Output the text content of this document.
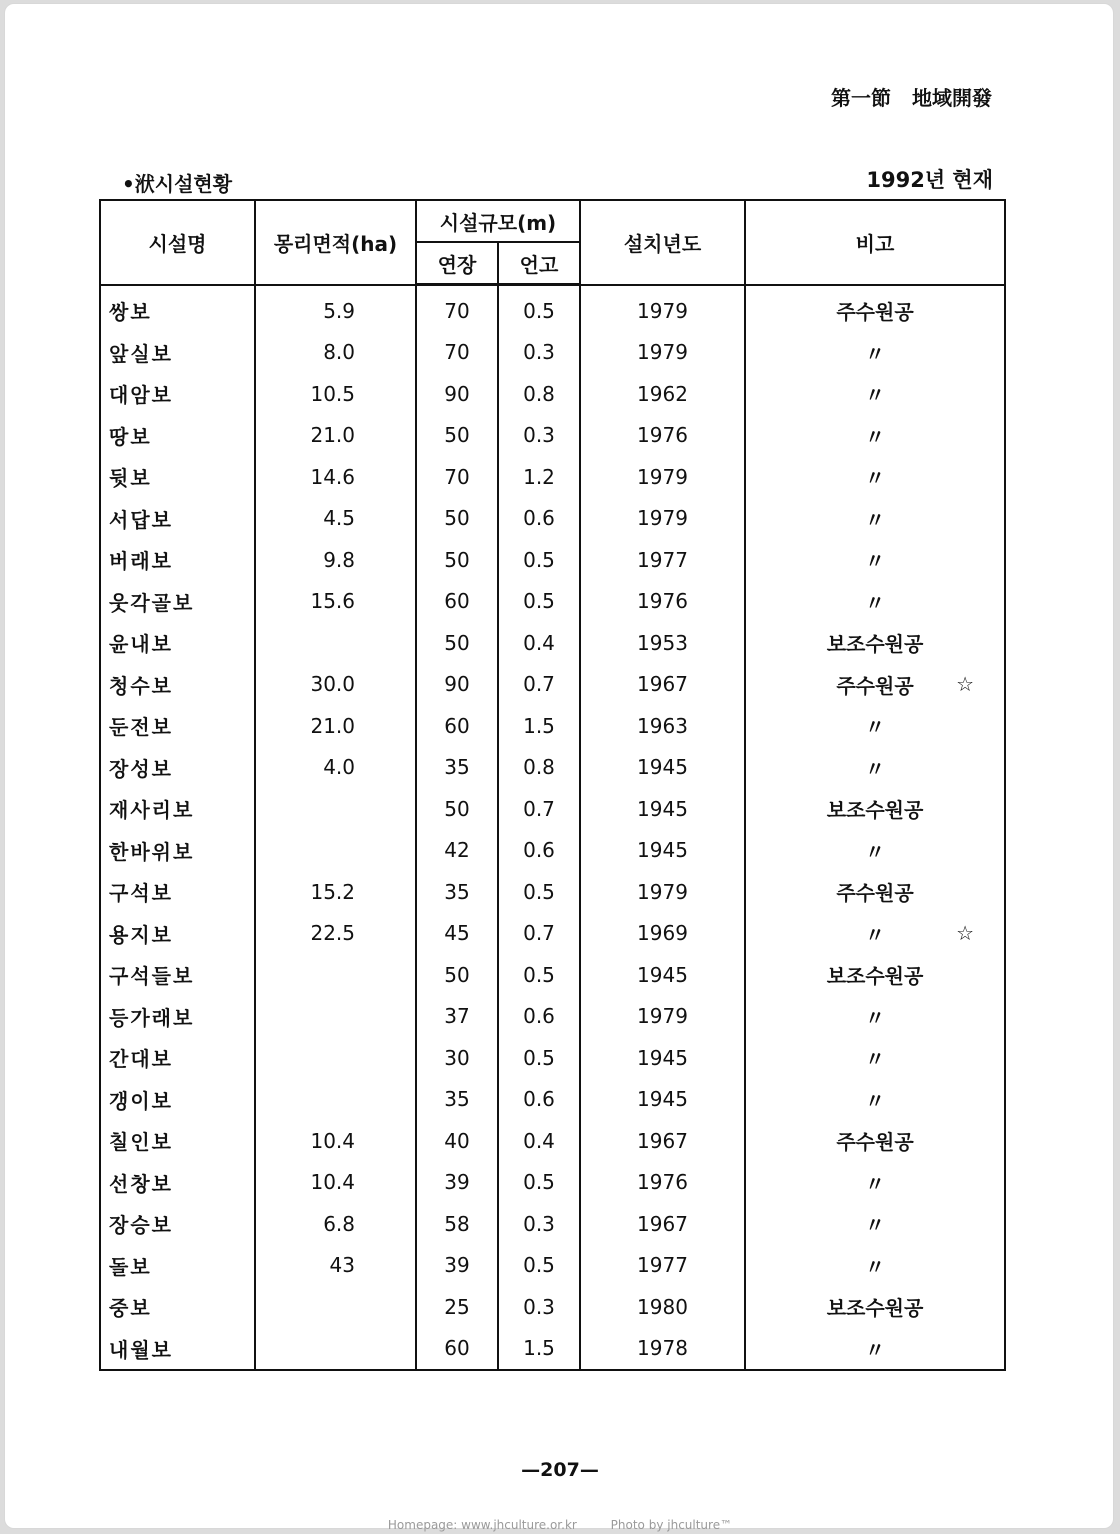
第一節 地域開發
•洑시설현황	1992년 현재
시설명	몽리면적(ha)	시설규모(m)		설치년도	비고
		연장	언고		
쌍보	5.9	70	0.5	1979	주수원공
앞실보	8.0	70	0.3	1979	〃
대암보	10.5	90	0.8	1962	〃
땅보	21.0	50	0.3	1976	〃
뒷보	14.6	70	1.2	1979	〃
서답보	4.5	50	0.6	1979	〃
버래보	9.8	50	0.5	1977	〃
웃각골보	15.6	60	0.5	1976	〃
윤내보		50	0.4	1953	보조수원공
청수보	30.0	90	0.7	1967	주수원공 ☆

둔전보	21.0	60	1.5	1963	〃
장성보	4.0	35	0.8	1945	〃
재사리보		50	0.7	1945	보조수원공
한바위보		42	0.6	1945	〃
구석보	15.2	35	0.5	1979	주수원공
용지보	22.5	45	0.7	1969	〃 ☆

구석들보		50	0.5	1945	보조수원공
등가래보		37	0.6	1979	〃
간대보		30	0.5	1945	〃
갱이보		35	0.6	1945	〃
칠인보	10.4	40	0.4	1967	주수원공
선창보	10.4	39	0.5	1976	〃
장승보	6.8	58	0.3	1967	〃
돌보	43	39	0.5	1977	〃
중보		25	0.3	1980	보조수원공
내월보		60	1.5	1978	〃
—207—
Homepage: www.jhculture.or.kr	Photo by jhculture™
